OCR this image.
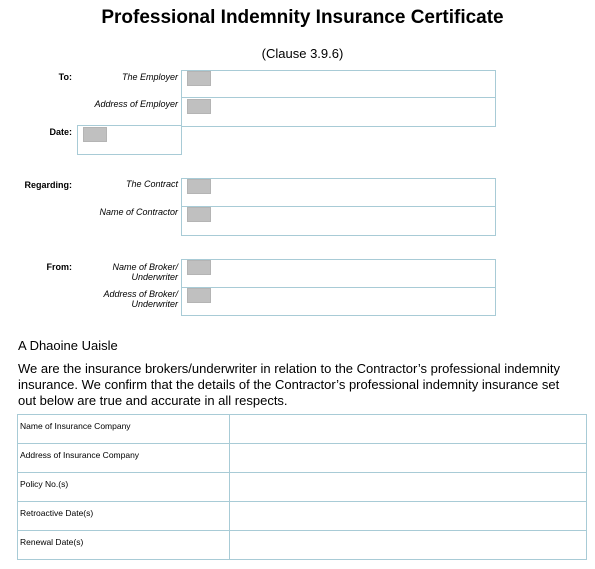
Professional Indemnity Insurance Certificate
(Clause 3.9.6)
To:	The Employer
Address of Employer
Date:
Regarding:	The Contract
Name of Contractor
From:	Name of Broker/ Underwriter
Address of Broker/ Underwriter
A Dhaoine Uaisle
We are the insurance brokers/underwriter in relation to the Contractor’s professional indemnity insurance. We confirm that the details of the Contractor’s professional indemnity insurance set out below are true and accurate in all respects.
Name of Insurance Company	
Address of Insurance Company	
Policy No.(s)	
Retroactive Date(s)	
Renewal Date(s)	
